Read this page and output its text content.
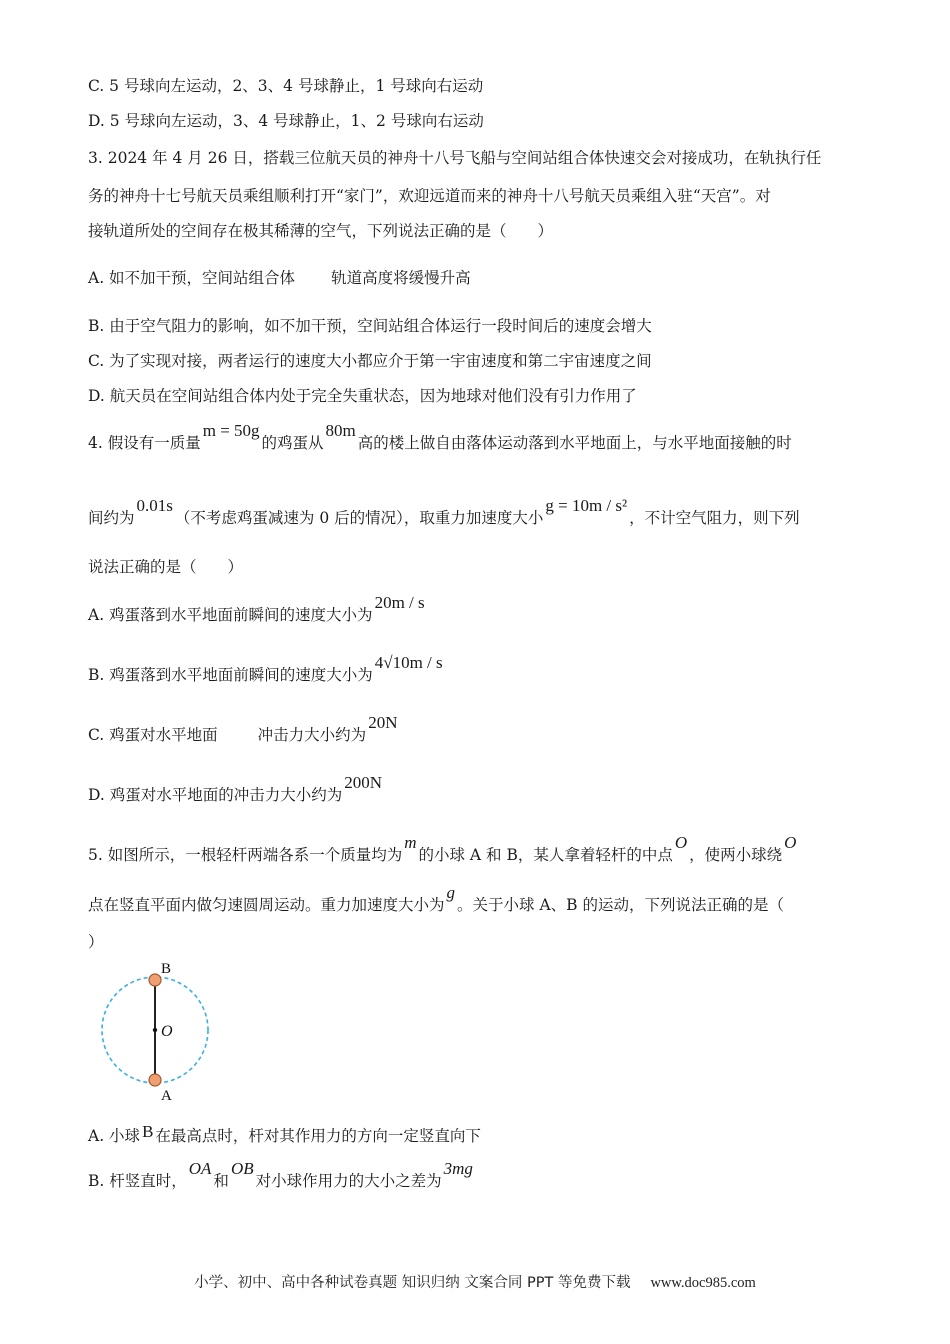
C. 5 号球向左运动，2、3、4 号球静止，1 号球向右运动
D. 5 号球向左运动，3、4 号球静止，1、2 号球向右运动
3. 2024 年 4 月 26 日，搭载三位航天员的神舟十八号飞船与空间站组合体快速交会对接成功，在轨执行任
务的神舟十七号航天员乘组顺利打开“家门”，欢迎远道而来的神舟十八号航天员乘组入驻“天宫”。对
接轨道所处的空间存在极其稀薄的空气，下列说法正确的是（　　）
A. 如不加干预，空间站组合体 轨道高度将缓慢升高
B. 由于空气阻力的影响，如不加干预，空间站组合体运行一段时间后的速度会增大
C. 为了实现对接，两者运行的速度大小都应介于第一宇宙速度和第二宇宙速度之间
D. 航天员在空间站组合体内处于完全失重状态，因为地球对他们没有引力作用了
4. 假设有一质量m = 50g的鸡蛋从80m高的楼上做自由落体运动落到水平地面上，与水平地面接触的时
间约为0.01s（不考虑鸡蛋减速为 0 后的情况），取重力加速度大小g = 10m / s²，不计空气阻力，则下列
说法正确的是（　　）
A. 鸡蛋落到水平地面前瞬间的速度大小为20m / s
B. 鸡蛋落到水平地面前瞬间的速度大小为4√10m / s
C. 鸡蛋对水平地面	冲击力大小约为20N
D. 鸡蛋对水平地面的冲击力大小约为200N
5. 如图所示，一根轻杆两端各系一个质量均为m的小球 A 和 B，某人拿着轻杆的中点O，使两小球绕O
点在竖直平面内做匀速圆周运动。重力加速度大小为g。关于小球 A、B 的运动，下列说法正确的是（
）
B
O
A
A. 小球 B 在最高点时，杆对其作用力的方向一定竖直向下
B. 杆竖直时，OA和OB对小球作用力的大小之差为3mg
小学、初中、高中各种试卷真题 知识归纳 文案合同 PPT 等免费下载 www.doc985.com
